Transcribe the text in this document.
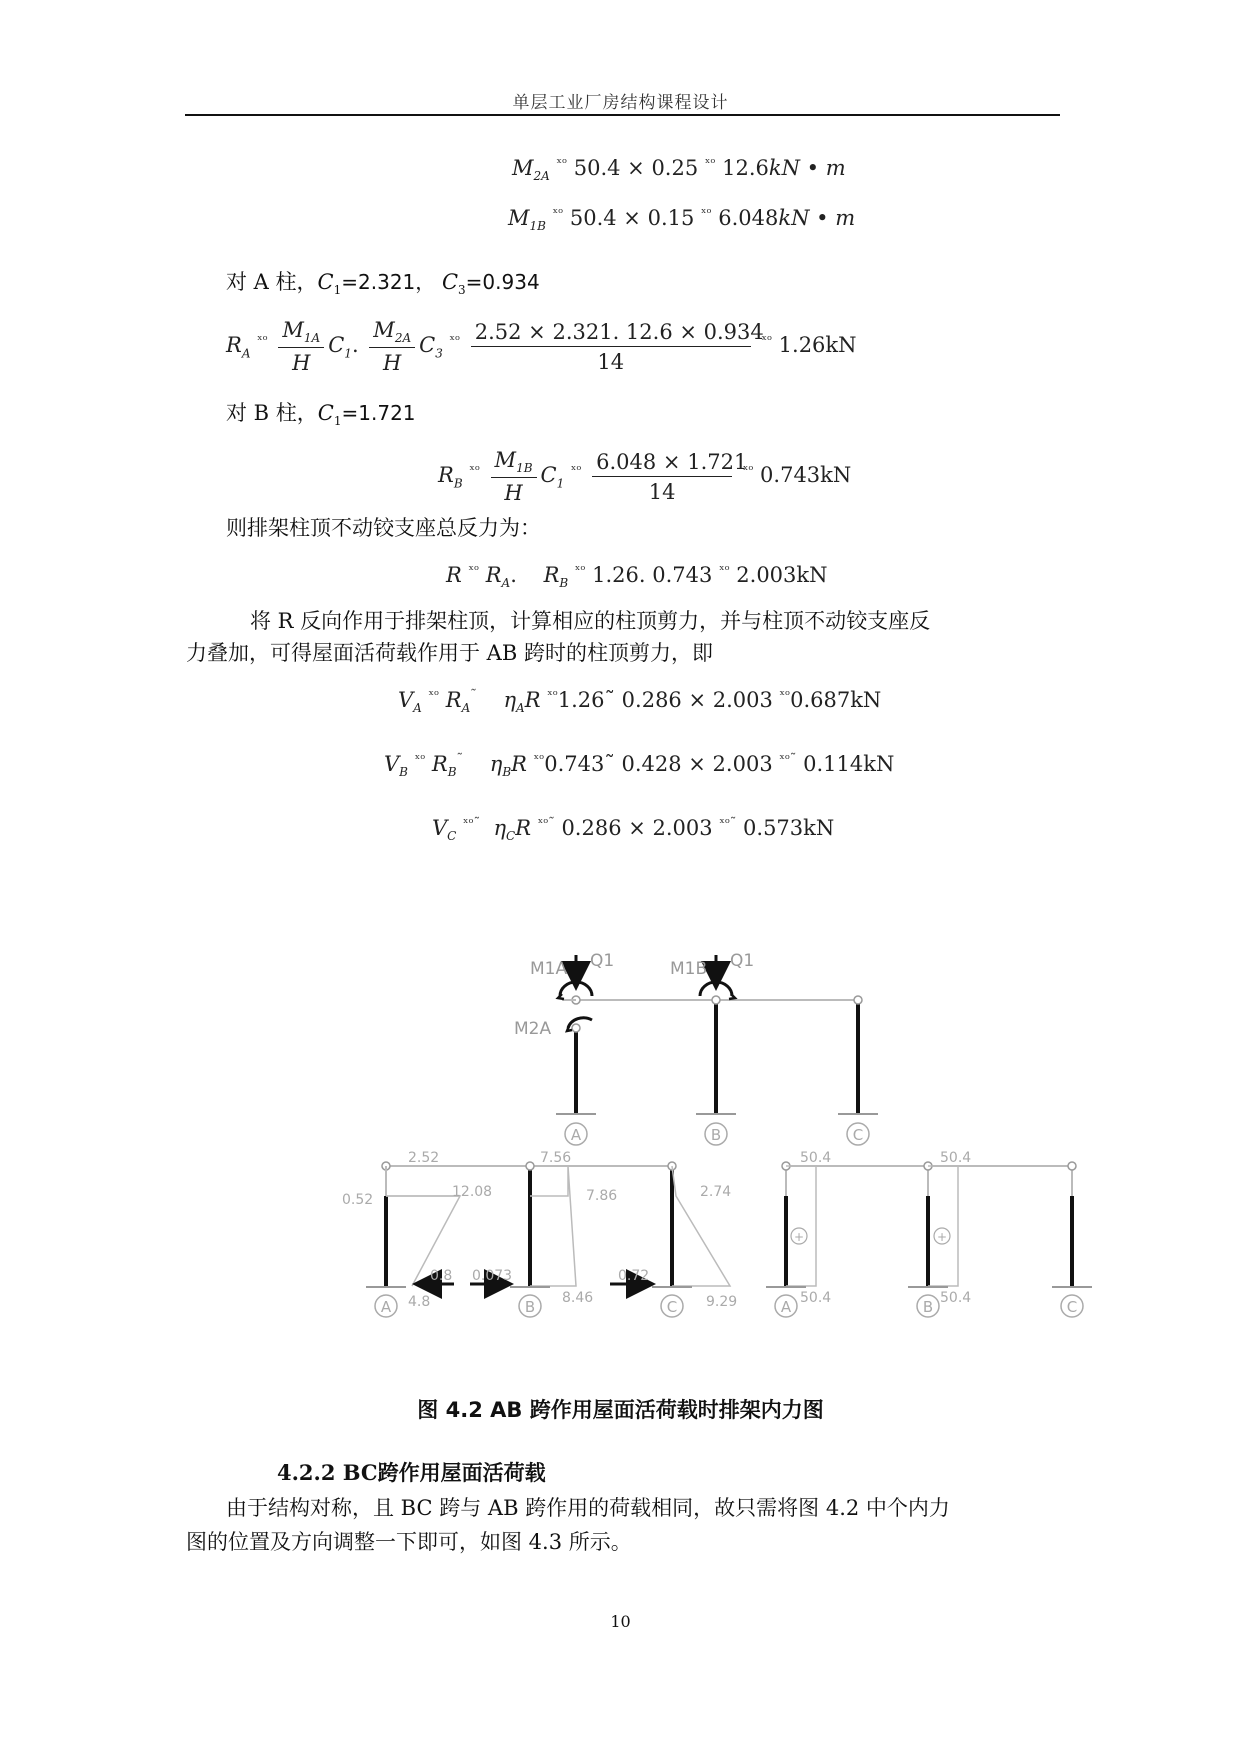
单层工业厂房结构课程设计
$M_{2A}$ $^{ˣᵒ}$ 50.4 × 0.25 $^{ˣᵒ}$ 12.6kN • m
$M_{1B}$ $^{ˣᵒ}$ 50.4 × 0.15 $^{ˣᵒ}$ 6.048kN • m
对 A 柱，$C_1=2.321$， $C_3=0.934$
$R_A$ $^{ˣᵒ} \frac{M_{1A}}{H} C_1$. $\frac{M_{2A}}{H} C_3$ $^{ˣᵒ} \frac{2.52 \times 2.321. 12.6 \times 0.934}{14} ^{ˣᵒ}$ 1.26kN
对 B 柱，$C_1=1.721$
$R_B$ $^{ˣᵒ} \frac{M_{1B}}{H} C_1$ $^{ˣᵒ} \frac{6.048 \times 1.721}{14} ^{ˣᵒ}$ 0.743kN
则排架柱顶不动铰支座总反力为：
R $^{ˣᵒ}$ $R_A$.    $R_B$ $^{ˣᵒ}$ 1.26. 0.743 $^{ˣᵒ}$ 2.003kN
将 R 反向作用于排架柱顶，计算相应的柱顶剪力，并与柱顶不动铰支座反
力叠加，可得屋面活荷载作用于 AB 跨时的柱顶剪力，即
$V_A$ $^{ˣᵒ}$ $R_A^˜$ $\eta_AR$ $^{ˣᵒ}$1.26˜ 0.286 × 2.003 $^{ˣᵒ}$0.687kN
$V_B$ $^{ˣᵒ}$ $R_B^˜$ $\eta_BR$ $^{ˣᵒ}$0.743˜ 0.428 × 2.003 $^{ˣᵒ˜}$ 0.114kN
$V_C$ $^{ˣᵒ˜}$ $\eta_CR$ $^{ˣᵒ˜}$ 0.286 × 2.003 $^{ˣᵒ˜}$ 0.573kN
M1A Q1	M1B Q1
M2A
A	B	C
2.52	7.56
0.52	12.08	7.86	2.74
0.8
4.8
0.073
8.46
0.72
9.29
A	B	C
+	+
50.4	50.4
50.4	50.4
A	B	C
图 4.2 AB 跨作用屋面活荷载时排架内力图
4.2.2 BC跨作用屋面活荷载
由于结构对称，且 BC 跨与 AB 跨作用的荷载相同，故只需将图 4.2 中个内力
图的位置及方向调整一下即可，如图 4.3 所示。
10
